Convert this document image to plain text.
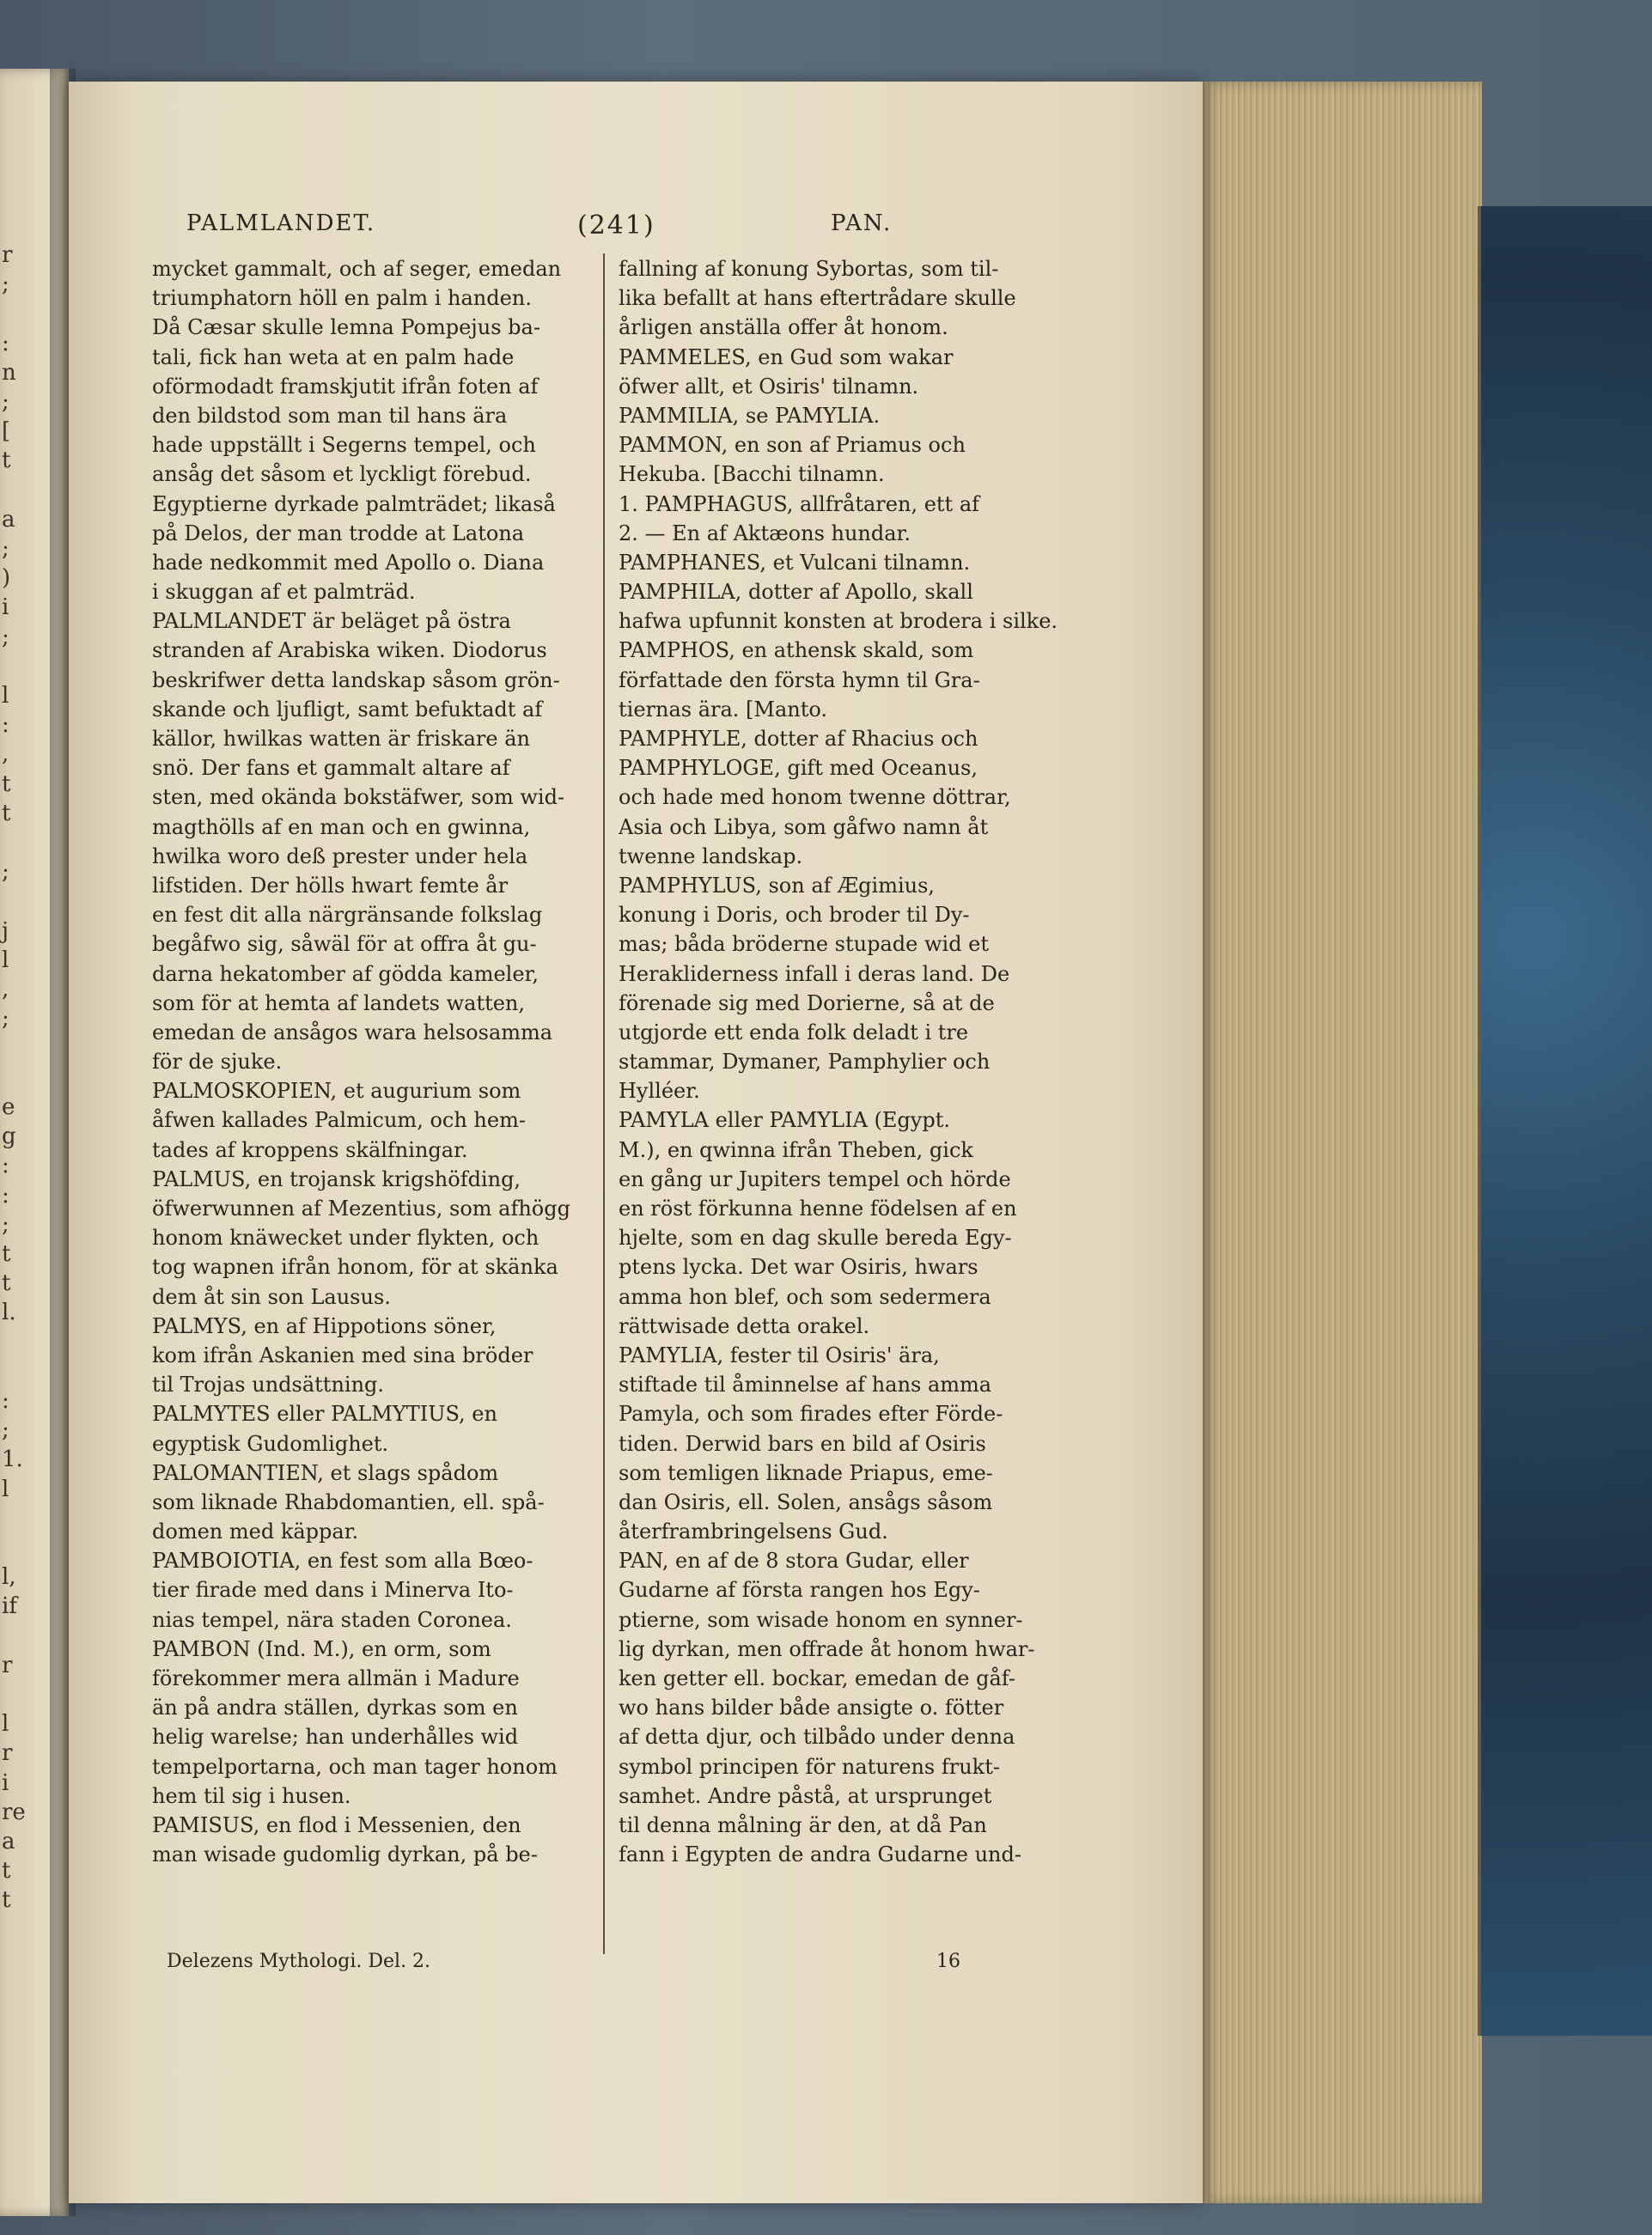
r
;

:
n
;
[
t

a
;
)
i
;

l
:
,
t
t

;

j
l
,
;

e
g
:
:
;
t
t
l.

:
;
1.
l

l,
if

r

l
r
i
re
a
t
t
PALMLANDET.	(241)	PAN.
mycket gammalt, och af seger, emedan
triumphatorn höll en palm i handen.
Då Cæsar skulle lemna Pompejus ba-
tali, fick han weta at en palm hade
oförmodadt framskjutit ifrån foten af
den bildstod som man til hans ära
hade uppställt i Segerns tempel, och
ansåg det såsom et lyckligt förebud.
Egyptierne dyrkade palmträdet; likaså
på Delos, der man trodde at Latona
hade nedkommit med Apollo o. Diana
i skuggan af et palmträd.
PALMLANDET är beläget på östra
stranden af Arabiska wiken. Diodorus
beskrifwer detta landskap såsom grön-
skande och ljufligt, samt befuktadt af
källor, hwilkas watten är friskare än
snö. Der fans et gammalt altare af
sten, med okända bokstäfwer, som wid-
magthölls af en man och en gwinna,
hwilka woro deß prester under hela
lifstiden. Der hölls hwart femte år
en fest dit alla närgränsande folkslag
begåfwo sig, såwäl för at offra åt gu-
darna hekatomber af gödda kameler,
som för at hemta af landets watten,
emedan de ansågos wara helsosamma
för de sjuke.
PALMOSKOPIEN, et augurium som
åfwen kallades Palmicum, och hem-
tades af kroppens skälfningar.
PALMUS, en trojansk krigshöfding,
öfwerwunnen af Mezentius, som afhögg
honom knäwecket under flykten, och
tog wapnen ifrån honom, för at skänka
dem åt sin son Lausus.
PALMYS, en af Hippotions söner,
kom ifrån Askanien med sina bröder
til Trojas undsättning.
PALMYTES eller PALMYTIUS, en
egyptisk Gudomlighet.
PALOMANTIEN, et slags spådom
som liknade Rhabdomantien, ell. spå-
domen med käppar.
PAMBOIOTIA, en fest som alla Bœo-
tier firade med dans i Minerva Ito-
nias tempel, nära staden Coronea.
PAMBON (Ind. M.), en orm, som
förekommer mera allmän i Madure
än på andra ställen, dyrkas som en
helig warelse; han underhålles wid
tempelportarna, och man tager honom
hem til sig i husen.
PAMISUS, en flod i Messenien, den
man wisade gudomlig dyrkan, på be-
fallning af konung Sybortas, som til-
lika befallt at hans eftertrådare skulle
årligen anställa offer åt honom.
PAMMELES, en Gud som wakar
öfwer allt, et Osiris' tilnamn.
PAMMILIA, se PAMYLIA.
PAMMON, en son af Priamus och
Hekuba. [Bacchi tilnamn.
1. PAMPHAGUS, allfråtaren, ett af
2. — En af Aktæons hundar.
PAMPHANES, et Vulcani tilnamn.
PAMPHILA, dotter af Apollo, skall
hafwa upfunnit konsten at brodera i silke.
PAMPHOS, en athensk skald, som
författade den första hymn til Gra-
tiernas ära. [Manto.
PAMPHYLE, dotter af Rhacius och
PAMPHYLOGE, gift med Oceanus,
och hade med honom twenne döttrar,
Asia och Libya, som gåfwo namn åt
twenne landskap.
PAMPHYLUS, son af Ægimius,
konung i Doris, och broder til Dy-
mas; båda bröderne stupade wid et
Herakliderness infall i deras land. De
förenade sig med Dorierne, så at de
utgjorde ett enda folk deladt i tre
stammar, Dymaner, Pamphylier och
Hylléer.
PAMYLA eller PAMYLIA (Egypt.
M.), en qwinna ifrån Theben, gick
en gång ur Jupiters tempel och hörde
en röst förkunna henne födelsen af en
hjelte, som en dag skulle bereda Egy-
ptens lycka. Det war Osiris, hwars
amma hon blef, och som sedermera
rättwisade detta orakel.
PAMYLIA, fester til Osiris' ära,
stiftade til åminnelse af hans amma
Pamyla, och som firades efter Förde-
tiden. Derwid bars en bild af Osiris
som temligen liknade Priapus, eme-
dan Osiris, ell. Solen, ansågs såsom
återframbringelsens Gud.
PAN, en af de 8 stora Gudar, eller
Gudarne af första rangen hos Egy-
ptierne, som wisade honom en synner-
lig dyrkan, men offrade åt honom hwar-
ken getter ell. bockar, emedan de gåf-
wo hans bilder både ansigte o. fötter
af detta djur, och tilbådo under denna
symbol principen för naturens frukt-
samhet. Andre påstå, at ursprunget
til denna målning är den, at då Pan
fann i Egypten de andra Gudarne und-
Delezens Mythologi. Del. 2.	16
